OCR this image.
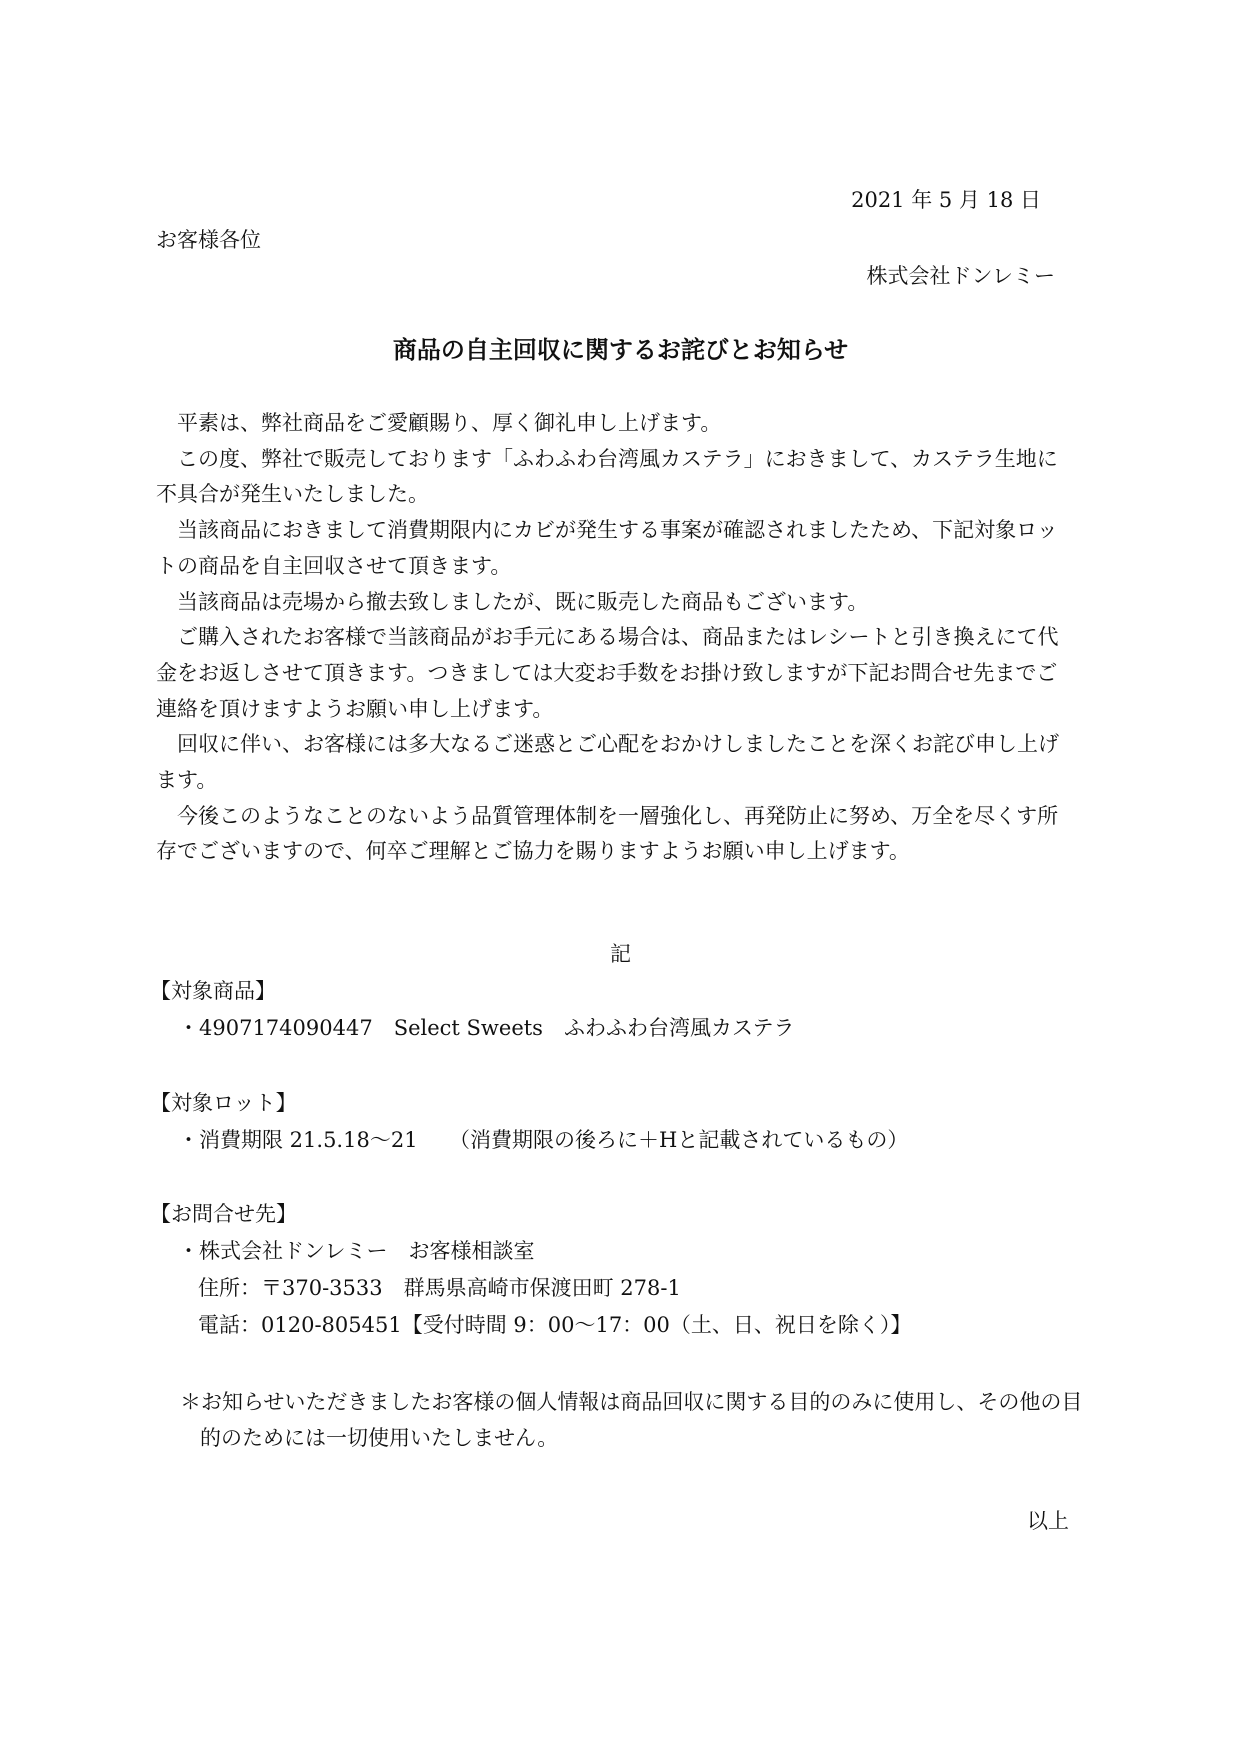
2021 年 5 月 18 日
お客様各位
株式会社ドンレミー
商品の自主回収に関するお詫びとお知らせ

平素は、弊社商品をご愛顧賜り、厚く御礼申し上げます。

この度、弊社で販売しております「ふわふわ台湾風カステラ」におきまして、カステラ生地に不具合が発生いたしました。

当該商品におきまして消費期限内にカビが発生する事案が確認されましたため、下記対象ロットの商品を自主回収させて頂きます。

当該商品は売場から撤去致しましたが、既に販売した商品もございます。

ご購入されたお客様で当該商品がお手元にある場合は、商品またはレシートと引き換えにて代金をお返しさせて頂きます。つきましては大変お手数をお掛け致しますが下記お問合せ先までご連絡を頂けますようお願い申し上げます。

回収に伴い、お客様には多大なるご迷惑とご心配をおかけしましたことを深くお詫び申し上げます。

今後このようなことのないよう品質管理体制を一層強化し、再発防止に努め、万全を尽くす所存でございますので、何卒ご理解とご協力を賜りますようお願い申し上げます。

記
【対象商品】
・4907174090447　Select Sweets　ふわふわ台湾風カステラ
【対象ロット】
・消費期限 21.5.18～21　　（消費期限の後ろに＋Hと記載されているもの）
【お問合せ先】
・株式会社ドンレミー　お客様相談室
住所：〒370-3533　群馬県高崎市保渡田町 278-1
電話：0120-805451【受付時間 9：00～17：00（土、日、祝日を除く）】
＊お知らせいただきましたお客様の個人情報は商品回収に関する目的のみに使用し、その他の目的のためには一切使用いたしません。
以上
